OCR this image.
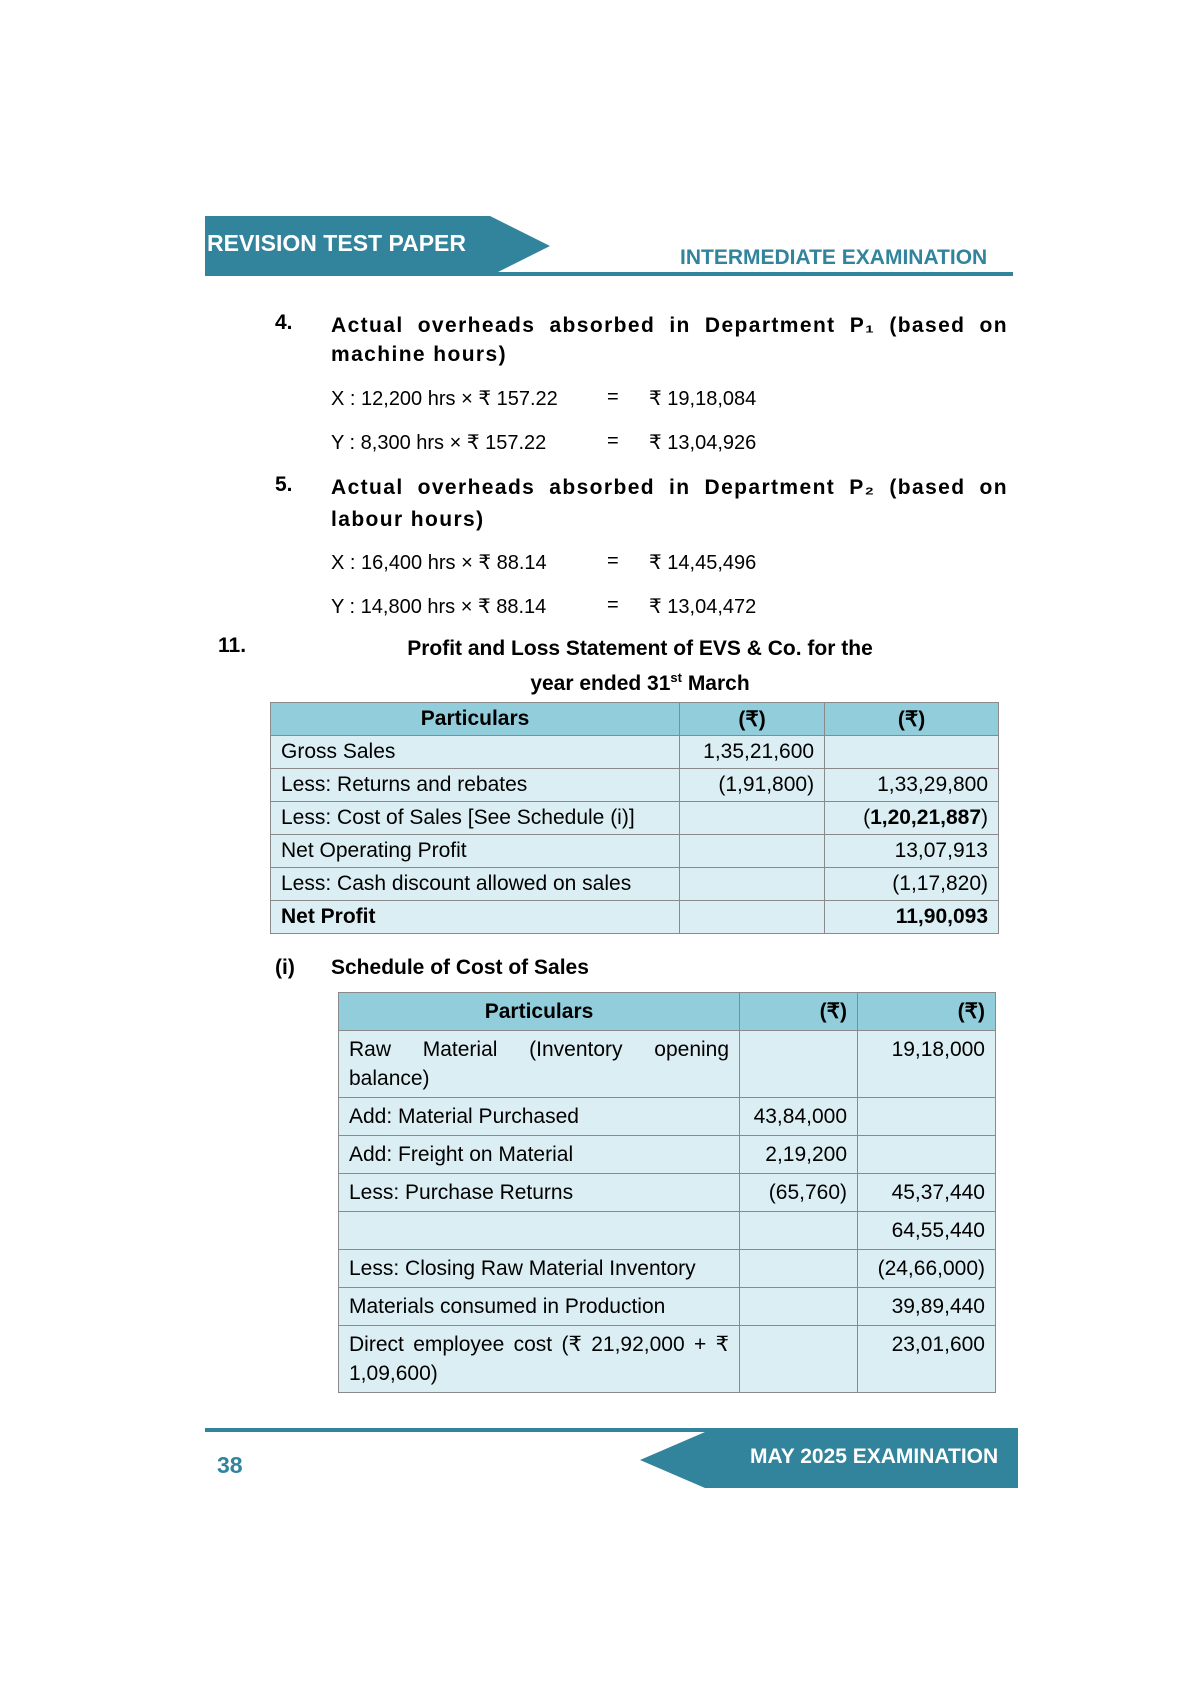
REVISION TEST PAPER
INTERMEDIATE EXAMINATION
4. Actual overheads absorbed in Department P₁ (based on
machine hours)
X : 12,200 hrs × ₹ 157.22 = ₹ 19,18,084
Y : 8,300 hrs × ₹ 157.22	= ₹ 13,04,926
5. Actual overheads absorbed in Department P₂ (based on
labour hours)
X : 16,400 hrs × ₹ 88.14	= ₹ 14,45,496
Y : 14,800 hrs × ₹ 88.14	= ₹ 13,04,472
11.	Profit and Loss Statement of EVS & Co. for the
year ended 31st March
Particulars	(₹)	(₹)
Gross Sales	1,35,21,600	
Less: Returns and rebates	(1,91,800)	1,33,29,800
Less: Cost of Sales [See Schedule (i)]		(1,20,21,887)
Net Operating Profit		13,07,913
Less: Cash discount allowed on sales		(1,17,820)
Net Profit		11,90,093
(i) Schedule of Cost of Sales
Particulars	(₹)	(₹)
Raw Material (Inventory opening balance)		19,18,000
Add: Material Purchased	43,84,000	
Add: Freight on Material	2,19,200	
Less: Purchase Returns	(65,760)	45,37,440
		64,55,440
Less: Closing Raw Material Inventory		(24,66,000)
Materials consumed in Production		39,89,440
Direct employee cost (₹ 21,92,000 + ₹ 1,09,600)		23,01,600
MAY 2025 EXAMINATION
38
